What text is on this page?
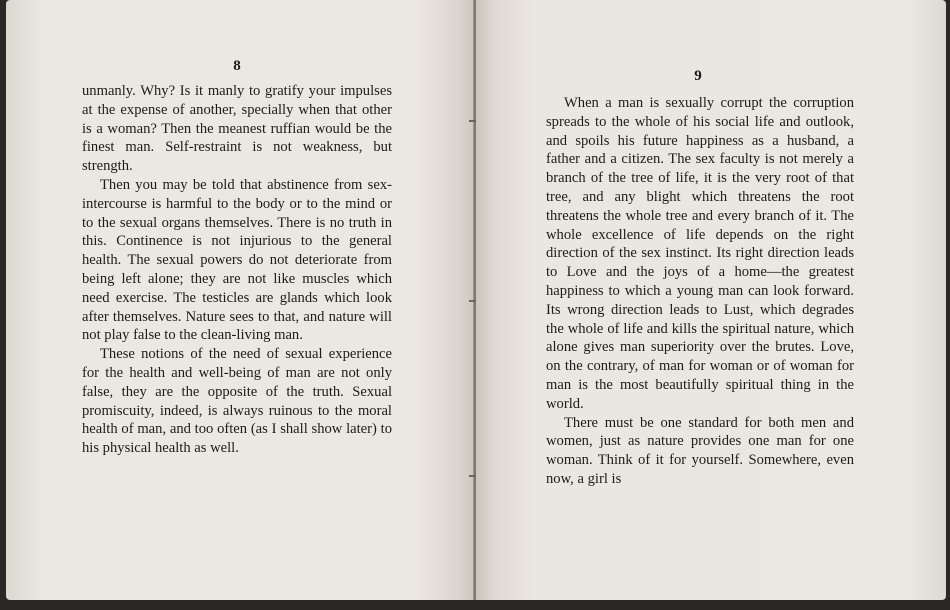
8

unmanly. Why? Is it manly to gratify your impulses at the expense of another, specially when that other is a woman? Then the meanest ruffian would be the finest man. Self-restraint is not weakness, but strength.

Then you may be told that abstinence from sex-intercourse is harmful to the body or to the mind or to the sexual organs themselves. There is no truth in this. Continence is not injurious to the general health. The sexual powers do not deteriorate from being left alone; they are not like muscles which need exercise. The testicles are glands which look after themselves. Nature sees to that, and nature will not play false to the clean-living man.

These notions of the need of sexual experience for the health and well-being of man are not only false, they are the opposite of the truth. Sexual promiscuity, indeed, is always ruinous to the moral health of man, and too often (as I shall show later) to his physical health as well.

9

When a man is sexually corrupt the corruption spreads to the whole of his social life and outlook, and spoils his future happiness as a husband, a father and a citizen. The sex faculty is not merely a branch of the tree of life, it is the very root of that tree, and any blight which threatens the root threatens the whole tree and every branch of it. The whole excellence of life depends on the right direction of the sex instinct. Its right direction leads to Love and the joys of a home—the greatest happiness to which a young man can look forward. Its wrong direction leads to Lust, which degrades the whole of life and kills the spiritual nature, which alone gives man superiority over the brutes. Love, on the contrary, of man for woman or of woman for man is the most beautifully spiritual thing in the world.

There must be one standard for both men and women, just as nature provides one man for one woman. Think of it for yourself. Somewhere, even now, a girl is
